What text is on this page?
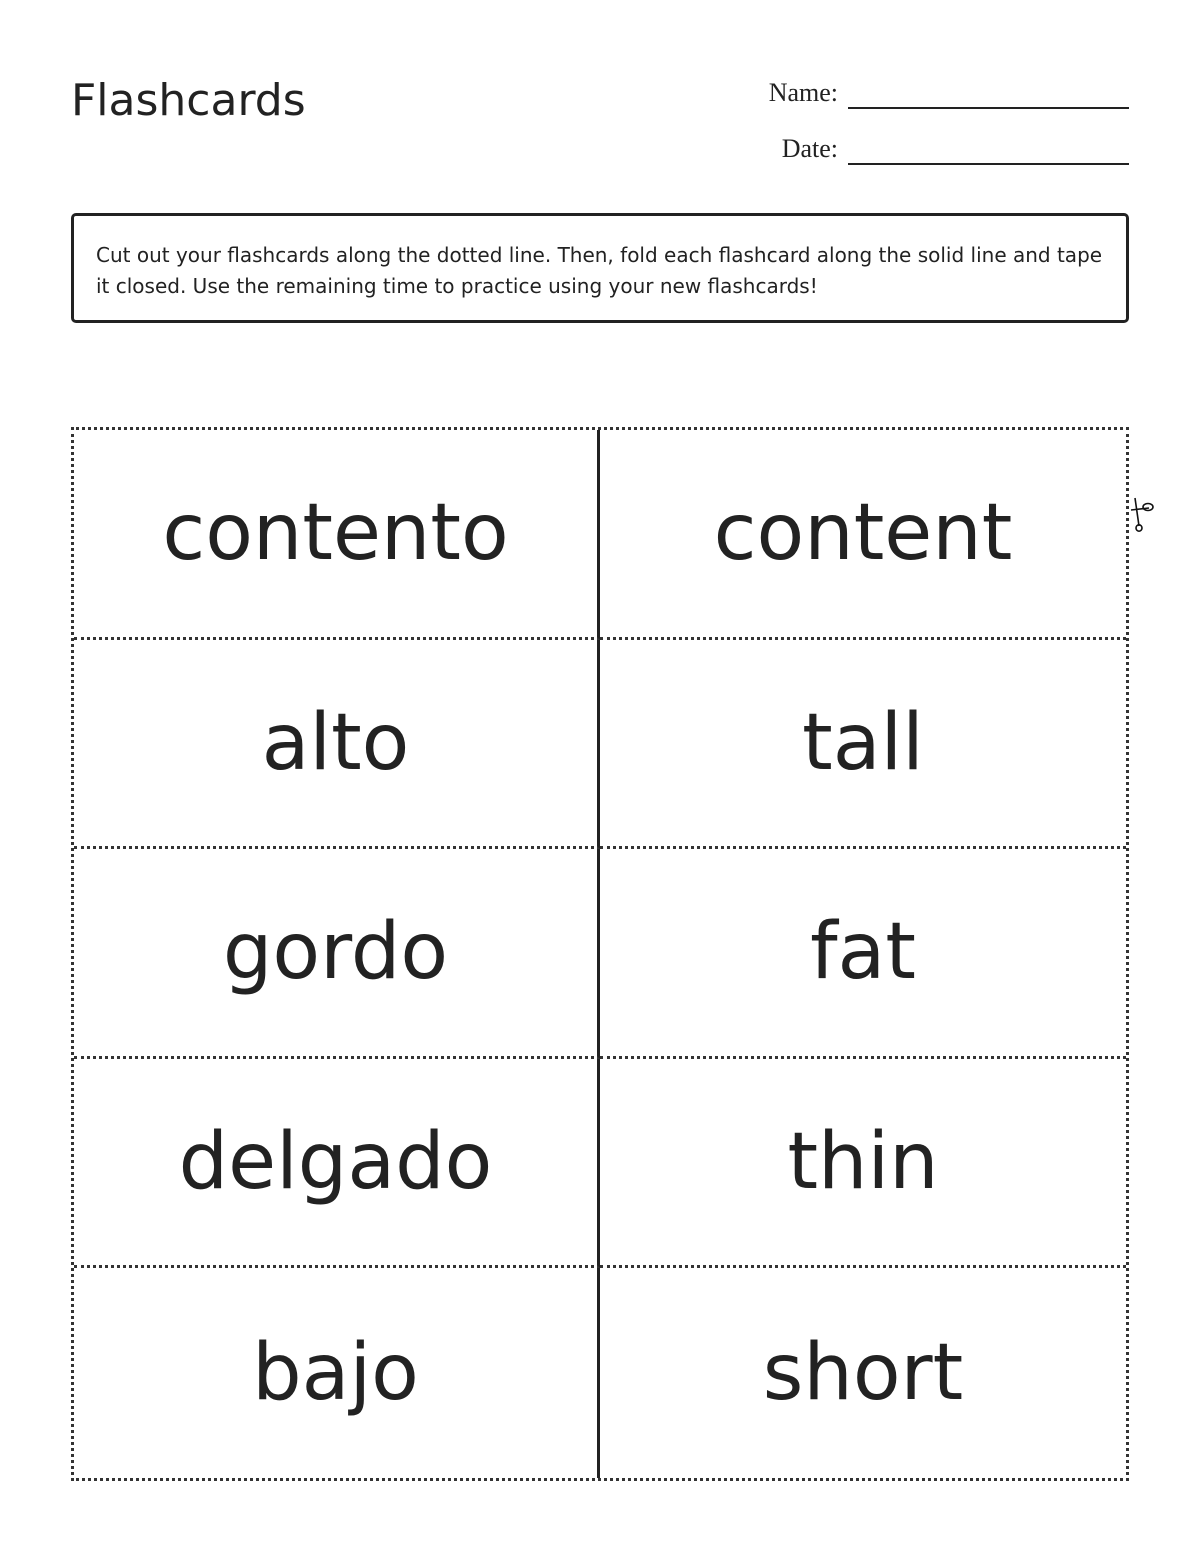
Flashcards	Name:
Date:
Cut out your flashcards along the dotted line. Then, fold each flashcard along the solid line and tape it closed. Use the remaining time to practice using your new flashcards!
contento	content
alto	tall
gordo	fat
delgado	thin
bajo	short
